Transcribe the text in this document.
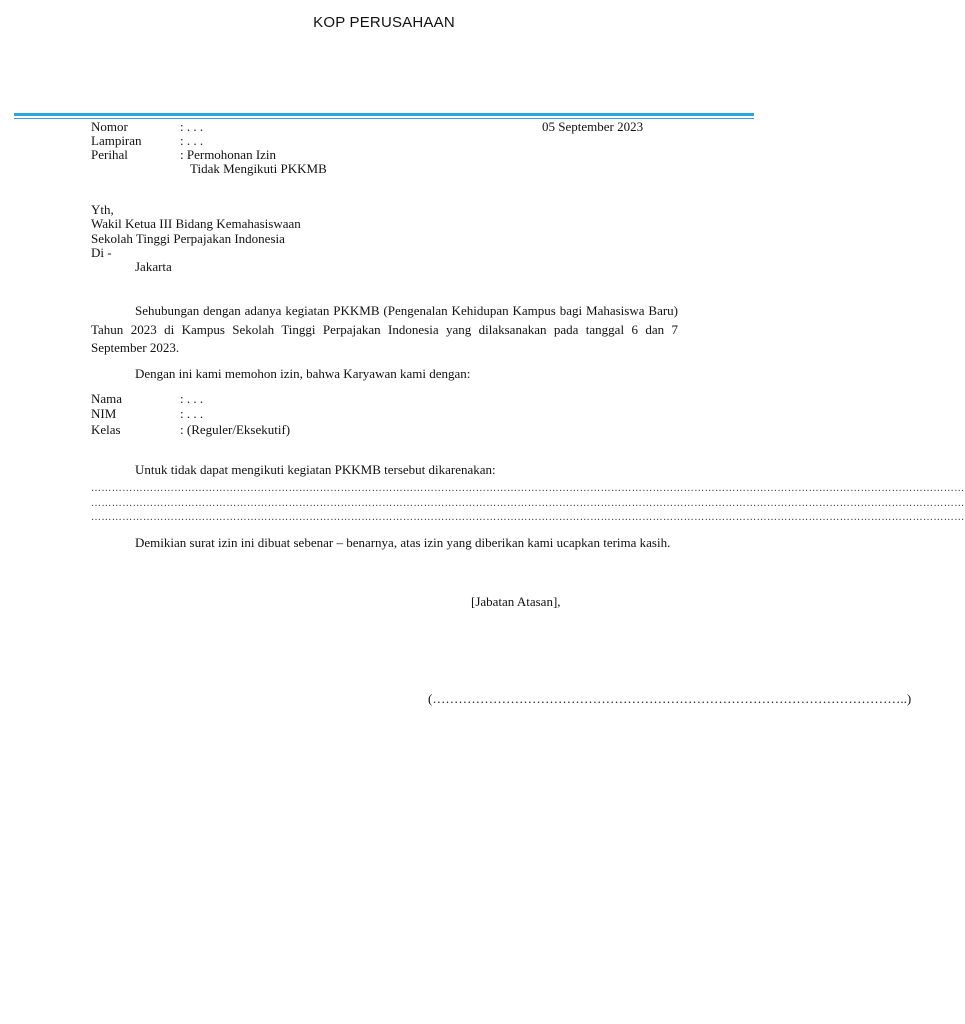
KOP PERUSAHAAN
Nomor	: . . .	05 September 2023
Lampiran	: . . .
Perihal	: Permohonan Izin
Tidak Mengikuti PKKMB
Yth,
Wakil Ketua III Bidang Kemahasiswaan
Sekolah Tinggi Perpajakan Indonesia
Di -
Jakarta
Sehubungan dengan adanya kegiatan PKKMB (Pengenalan Kehidupan Kampus bagi Mahasiswa Baru) Tahun 2023 di Kampus Sekolah Tinggi Perpajakan Indonesia yang dilaksanakan pada tanggal 6 dan 7 September 2023.
Dengan ini kami memohon izin, bahwa Karyawan kami dengan:
Nama	: . . .
NIM	: . . .
Kelas	: (Reguler/Eksekutif)
Untuk tidak dapat mengikuti kegiatan PKKMB tersebut dikarenakan:
………………………………………………………………………………………………………………………………………………………………………………………………………………………………
………………………………………………………………………………………………………………………………………………………………………………………………………………………………
………………………………………………………………………………………………………………………………………………………………………………………………………………………………
Demikian surat izin ini dibuat sebenar – benarnya, atas izin yang diberikan kami ucapkan terima kasih.
[Jabatan Atasan],
(………………………………………………………………………………………………..)
